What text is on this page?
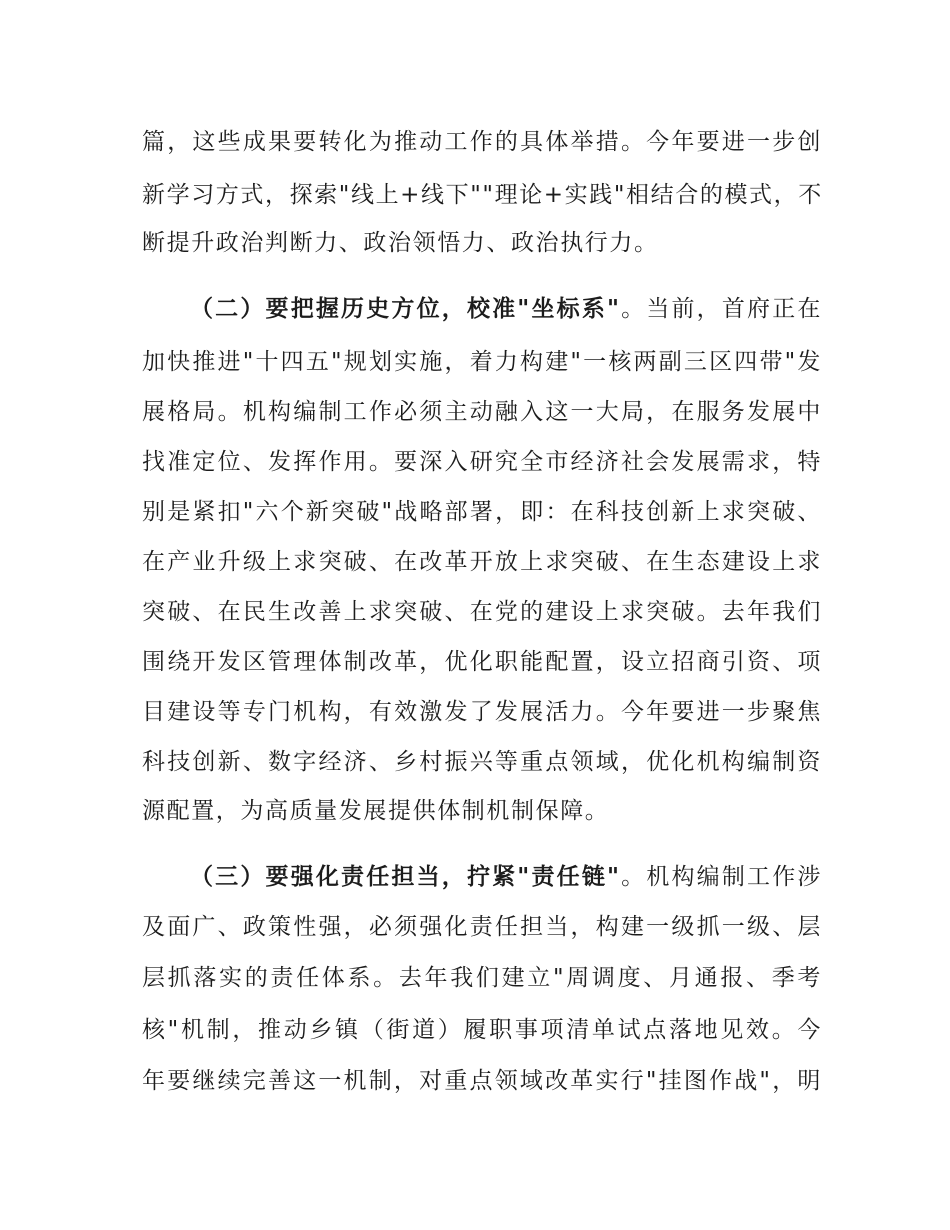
篇，这些成果要转化为推动工作的具体举措。今年要进一步创
新学习方式，探索"线上+线下""理论+实践"相结合的模式，不
断提升政治判断力、政治领悟力、政治执行力。
（二）要把握历史方位，校准"坐标系"。当前，首府正在
加快推进"十四五"规划实施，着力构建"一核两副三区四带"发
展格局。机构编制工作必须主动融入这一大局，在服务发展中
找准定位、发挥作用。要深入研究全市经济社会发展需求，特
别是紧扣"六个新突破"战略部署，即：在科技创新上求突破、
在产业升级上求突破、在改革开放上求突破、在生态建设上求
突破、在民生改善上求突破、在党的建设上求突破。去年我们
围绕开发区管理体制改革，优化职能配置，设立招商引资、项
目建设等专门机构，有效激发了发展活力。今年要进一步聚焦
科技创新、数字经济、乡村振兴等重点领域，优化机构编制资
源配置，为高质量发展提供体制机制保障。
（三）要强化责任担当，拧紧"责任链"。机构编制工作涉
及面广、政策性强，必须强化责任担当，构建一级抓一级、层
层抓落实的责任体系。去年我们建立"周调度、月通报、季考
核"机制，推动乡镇（街道）履职事项清单试点落地见效。今
年要继续完善这一机制，对重点领域改革实行"挂图作战"，明
